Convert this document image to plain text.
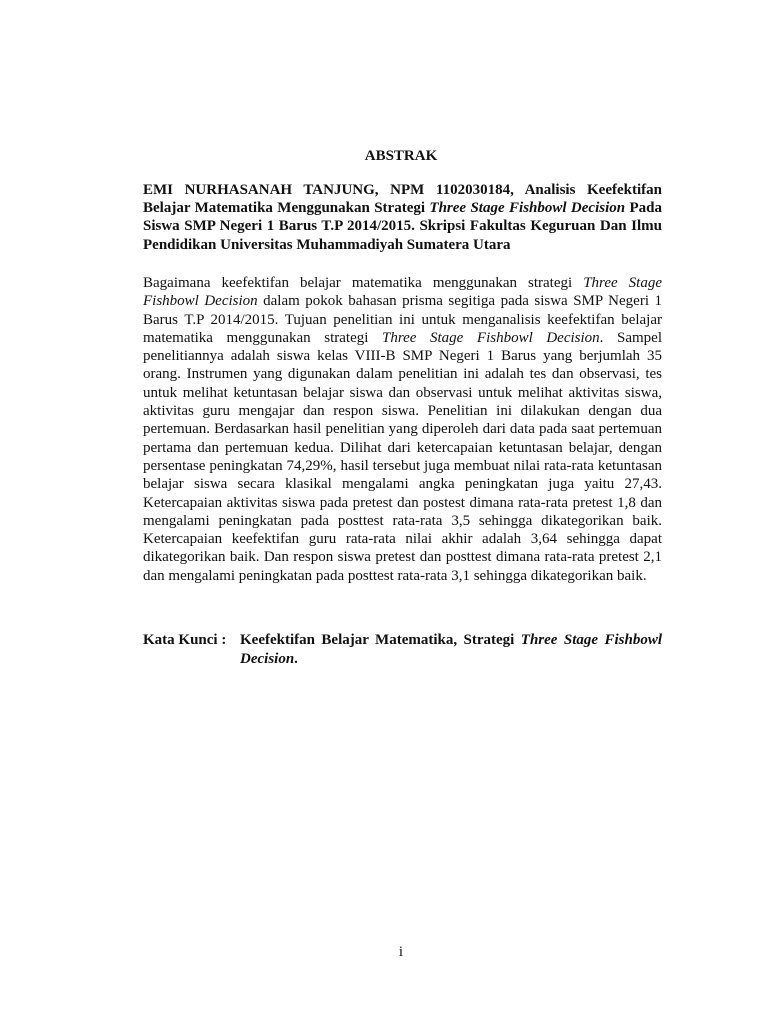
ABSTRAK
EMI NURHASANAH TANJUNG, NPM 1102030184, Analisis Keefektifan Belajar Matematika Menggunakan Strategi Three Stage Fishbowl Decision Pada Siswa SMP Negeri 1 Barus T.P 2014/2015. Skripsi Fakultas Keguruan Dan Ilmu Pendidikan Universitas Muhammadiyah Sumatera Utara
Bagaimana keefektifan belajar matematika menggunakan strategi Three Stage Fishbowl Decision dalam pokok bahasan prisma segitiga pada siswa SMP Negeri 1 Barus T.P 2014/2015. Tujuan penelitian ini untuk menganalisis keefektifan belajar matematika menggunakan strategi Three Stage Fishbowl Decision. Sampel penelitiannya adalah siswa kelas VIII-B SMP Negeri 1 Barus yang berjumlah 35 orang. Instrumen yang digunakan dalam penelitian ini adalah tes dan observasi, tes untuk melihat ketuntasan belajar siswa dan observasi untuk melihat aktivitas siswa, aktivitas guru mengajar dan respon siswa. Penelitian ini dilakukan dengan dua pertemuan. Berdasarkan hasil penelitian yang diperoleh dari data pada saat pertemuan pertama dan pertemuan kedua. Dilihat dari ketercapaian ketuntasan belajar, dengan persentase peningkatan 74,29%, hasil tersebut juga membuat nilai rata-rata ketuntasan belajar siswa secara klasikal mengalami angka peningkatan juga yaitu 27,43. Ketercapaian aktivitas siswa pada pretest dan postest dimana rata-rata pretest 1,8 dan mengalami peningkatan pada posttest rata-rata 3,5 sehingga dikategorikan baik. Ketercapaian keefektifan guru rata-rata nilai akhir adalah 3,64 sehingga dapat dikategorikan baik. Dan respon siswa pretest dan posttest dimana rata-rata pretest 2,1 dan mengalami peningkatan pada posttest rata-rata 3,1 sehingga dikategorikan baik.
Kata Kunci : Keefektifan Belajar Matematika, Strategi Three Stage Fishbowl Decision.
i
